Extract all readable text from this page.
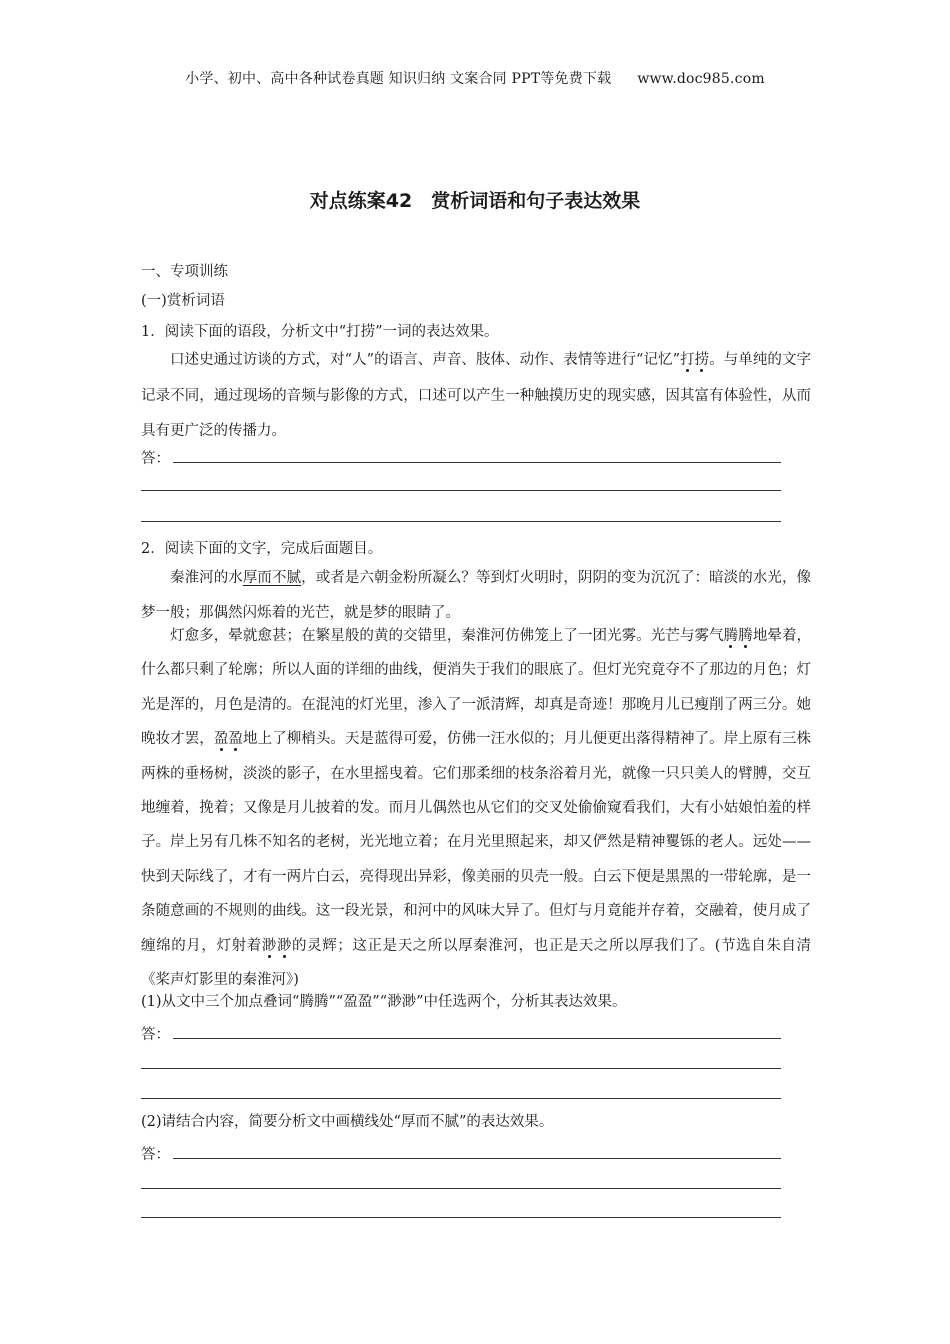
小学、初中、高中各种试卷真题 知识归纳 文案合同 PPT等免费下载 www.doc985.com
对点练案42　赏析词语和句子表达效果
一、专项训练
(一)赏析词语
1．阅读下面的语段，分析文中“打捞”一词的表达效果。
口述史通过访谈的方式，对“人”的语言、声音、肢体、动作、表情等进行“记忆”打捞。与单纯的文字记录不同，通过现场的音频与影像的方式，口述可以产生一种触摸历史的现实感，因其富有体验性，从而具有更广泛的传播力。
答：
2．阅读下面的文字，完成后面题目。
秦淮河的水厚而不腻，或者是六朝金粉所凝么？等到灯火明时，阴阴的变为沉沉了：暗淡的水光，像梦一般；那偶然闪烁着的光芒，就是梦的眼睛了。
灯愈多，晕就愈甚；在繁星般的黄的交错里，秦淮河仿佛笼上了一团光雾。光芒与雾气腾腾地晕着，什么都只剩了轮廓；所以人面的详细的曲线，便消失于我们的眼底了。但灯光究竟夺不了那边的月色；灯光是浑的，月色是清的。在混沌的灯光里，渗入了一派清辉，却真是奇迹！那晚月儿已瘦削了两三分。她晚妆才罢，盈盈地上了柳梢头。天是蓝得可爱，仿佛一汪水似的；月儿便更出落得精神了。岸上原有三株两株的垂杨树，淡淡的影子，在水里摇曳着。它们那柔细的枝条浴着月光，就像一只只美人的臂膊，交互地缠着，挽着；又像是月儿披着的发。而月儿偶然也从它们的交叉处偷偷窥看我们，大有小姑娘怕羞的样子。岸上另有几株不知名的老树，光光地立着；在月光里照起来，却又俨然是精神矍铄的老人。远处——快到天际线了，才有一两片白云，亮得现出异彩，像美丽的贝壳一般。白云下便是黑黑的一带轮廓，是一条随意画的不规则的曲线。这一段光景，和河中的风味大异了。但灯与月竟能并存着，交融着，使月成了缠绵的月，灯射着渺渺的灵辉；这正是天之所以厚秦淮河，也正是天之所以厚我们了。(节选自朱自清《桨声灯影里的秦淮河》)
(1)从文中三个加点叠词“腾腾”“盈盈”“渺渺”中任选两个，分析其表达效果。
答：
(2)请结合内容，简要分析文中画横线处“厚而不腻”的表达效果。
答：
